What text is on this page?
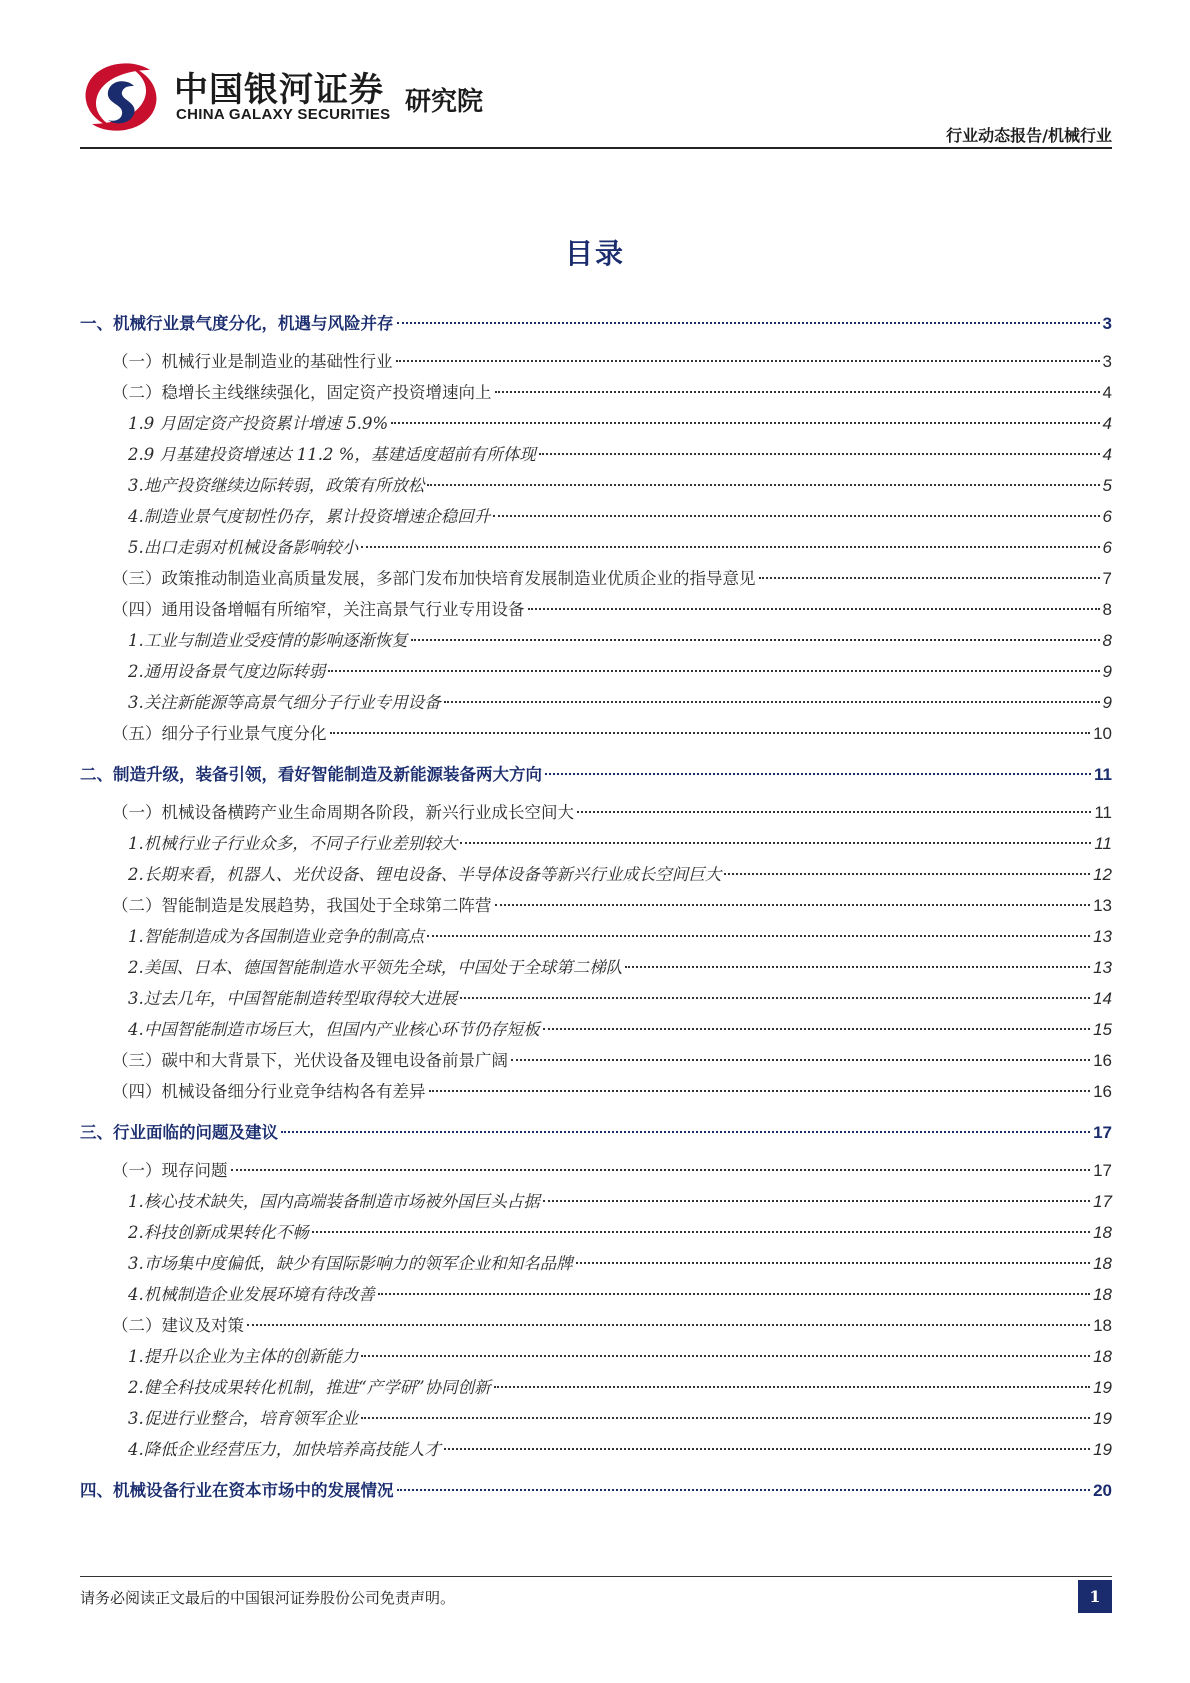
中国银河证券
CHINA GALAXY SECURITIES 研究院
行业动态报告/机械行业
目录
一、机械行业景气度分化，机遇与风险并存	3
（一）机械行业是制造业的基础性行业	3
（二）稳增长主线继续强化，固定资产投资增速向上	4
1.9 月固定资产投资累计增速 5.9%	4
2.9 月基建投资增速达 11.2 %，基建适度超前有所体现	4
3.地产投资继续边际转弱，政策有所放松	5
4.制造业景气度韧性仍存，累计投资增速企稳回升	6
5.出口走弱对机械设备影响较小	6
（三）政策推动制造业高质量发展，多部门发布加快培育发展制造业优质企业的指导意见	7
（四）通用设备增幅有所缩窄，关注高景气行业专用设备	8
1.工业与制造业受疫情的影响逐渐恢复	8
2.通用设备景气度边际转弱	9
3.关注新能源等高景气细分子行业专用设备	9
（五）细分子行业景气度分化	10
二、制造升级，装备引领，看好智能制造及新能源装备两大方向	11
（一）机械设备横跨产业生命周期各阶段，新兴行业成长空间大	11
1.机械行业子行业众多，不同子行业差别较大	11
2.长期来看，机器人、光伏设备、锂电设备、半导体设备等新兴行业成长空间巨大	12
（二）智能制造是发展趋势，我国处于全球第二阵营	13
1.智能制造成为各国制造业竞争的制高点	13
2.美国、日本、德国智能制造水平领先全球，中国处于全球第二梯队	13
3.过去几年，中国智能制造转型取得较大进展	14
4.中国智能制造市场巨大，但国内产业核心环节仍存短板	15
（三）碳中和大背景下，光伏设备及锂电设备前景广阔	16
（四）机械设备细分行业竞争结构各有差异	16
三、行业面临的问题及建议	17
（一）现存问题	17
1.核心技术缺失，国内高端装备制造市场被外国巨头占据	17
2.科技创新成果转化不畅	18
3.市场集中度偏低，缺少有国际影响力的领军企业和知名品牌	18
4.机械制造企业发展环境有待改善	18
（二）建议及对策	18
1.提升以企业为主体的创新能力	18
2.健全科技成果转化机制，推进“产学研”协同创新	19
3.促进行业整合，培育领军企业	19
4.降低企业经营压力，加快培养高技能人才	19
四、机械设备行业在资本市场中的发展情况	20
请务必阅读正文最后的中国银河证券股份公司免责声明。	1
